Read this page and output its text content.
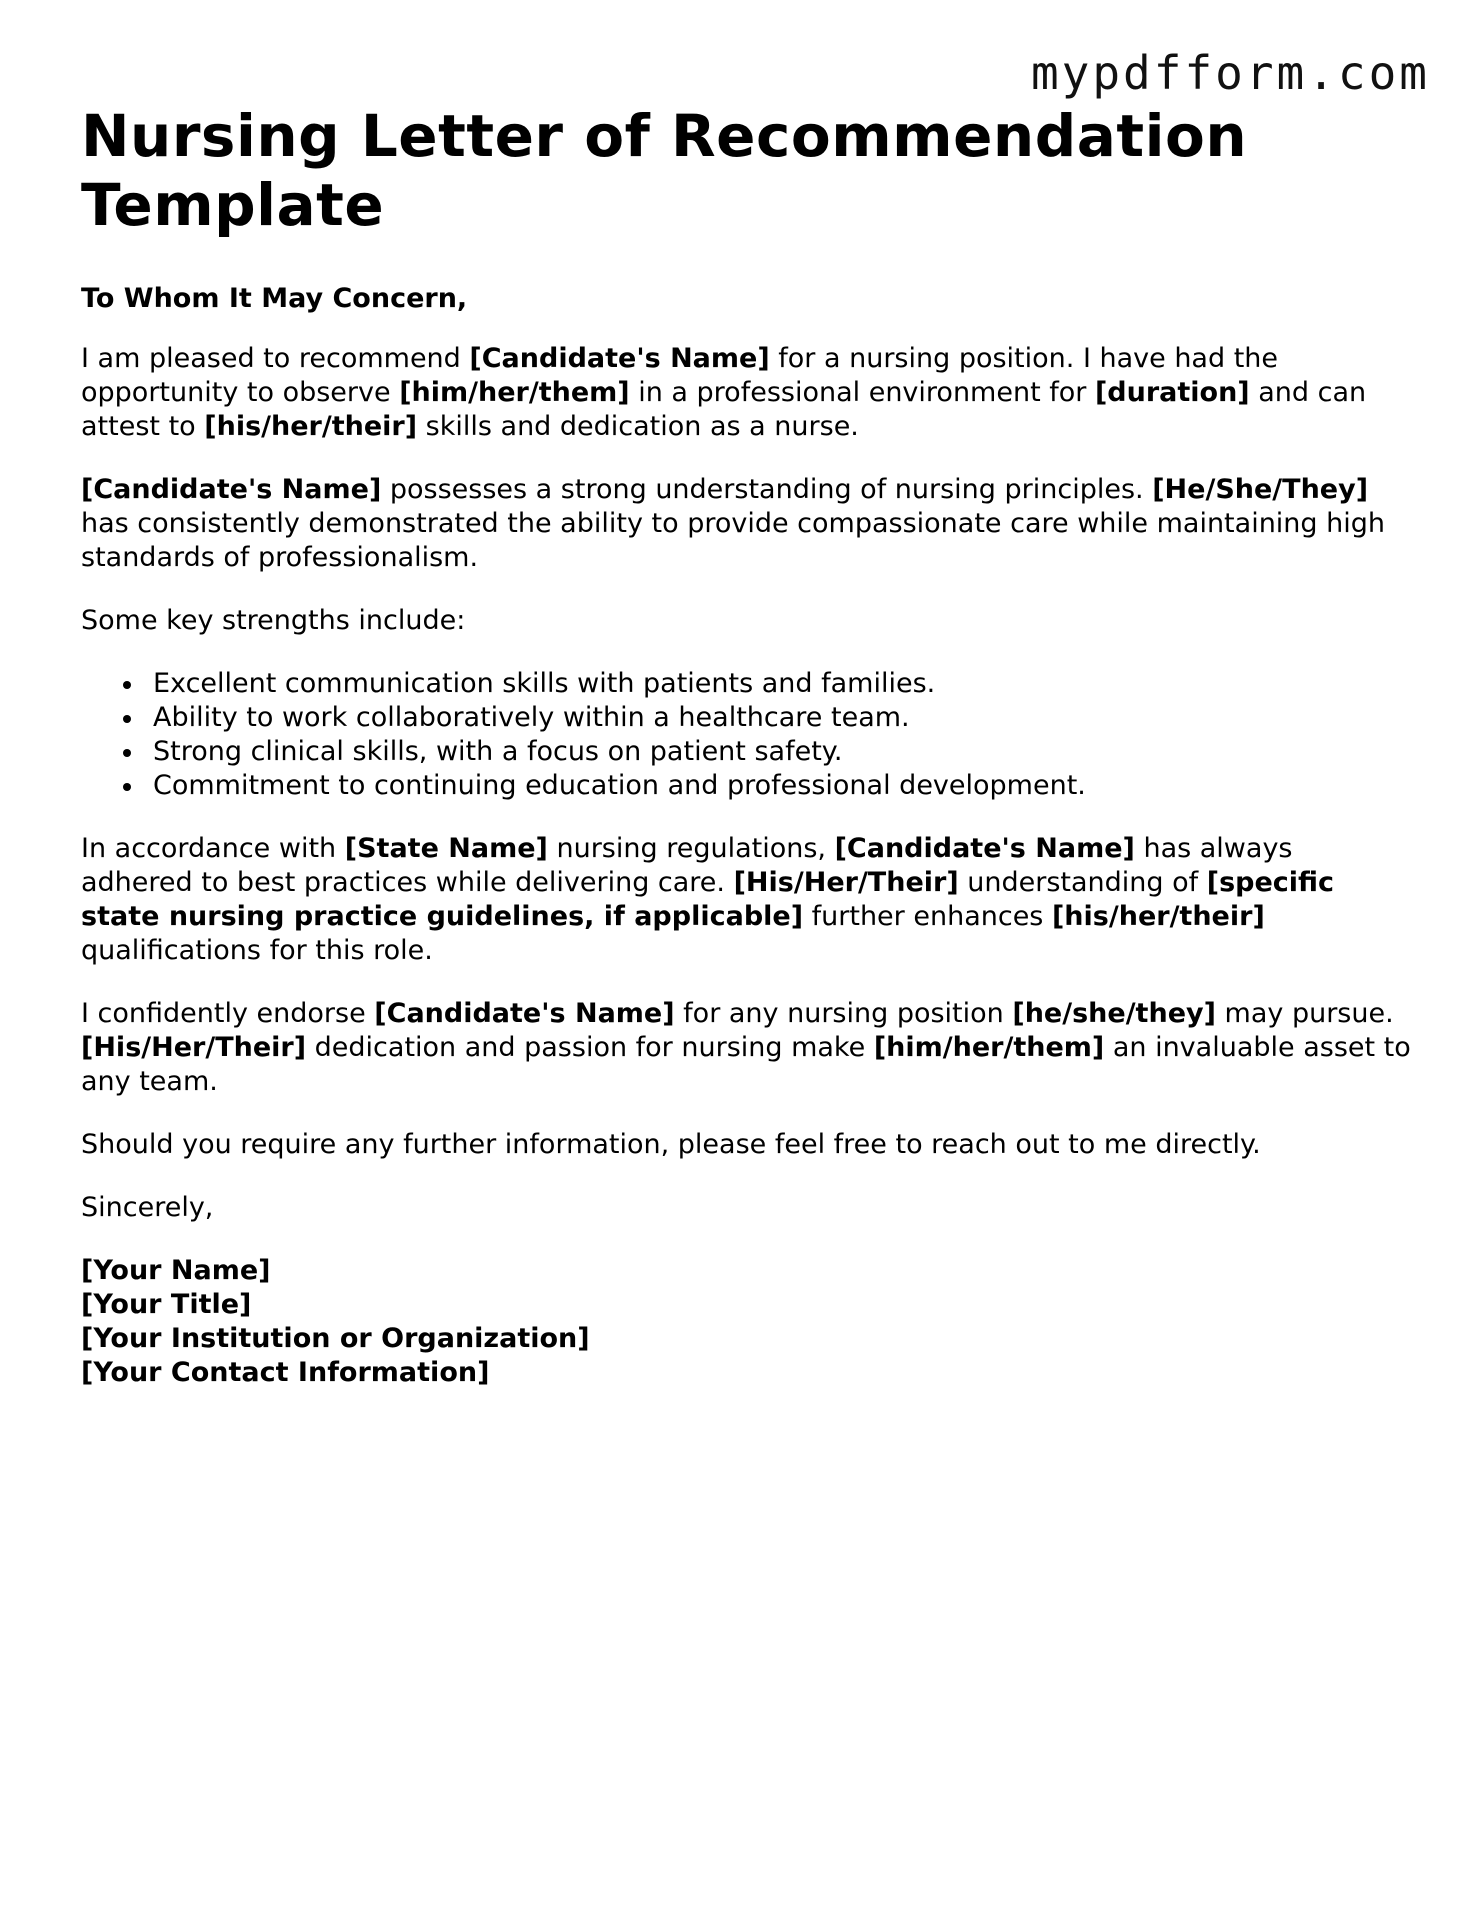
mypdfform.com
Nursing Letter of Recommendation Template

To Whom It May Concern,

I am pleased to recommend [Candidate's Name] for a nursing position. I have had the opportunity to observe [him/her/them] in a professional environment for [duration] and can attest to [his/her/their] skills and dedication as a nurse.

[Candidate's Name] possesses a strong understanding of nursing principles. [He/She/They] has consistently demonstrated the ability to provide compassionate care while maintaining high standards of professionalism.

Some key strengths include:

Excellent communication skills with patients and families.
Ability to work collaboratively within a healthcare team.
Strong clinical skills, with a focus on patient safety.
Commitment to continuing education and professional development.

In accordance with [State Name] nursing regulations, [Candidate's Name] has always adhered to best practices while delivering care. [His/Her/Their] understanding of [specific state nursing practice guidelines, if applicable] further enhances [his/her/their] qualifications for this role.

I confidently endorse [Candidate's Name] for any nursing position [he/she/they] may pursue. [His/Her/Their] dedication and passion for nursing make [him/her/them] an invaluable asset to any team.

Should you require any further information, please feel free to reach out to me directly.

Sincerely,

[Your Name]

[Your Title]

[Your Institution or Organization]

[Your Contact Information]
